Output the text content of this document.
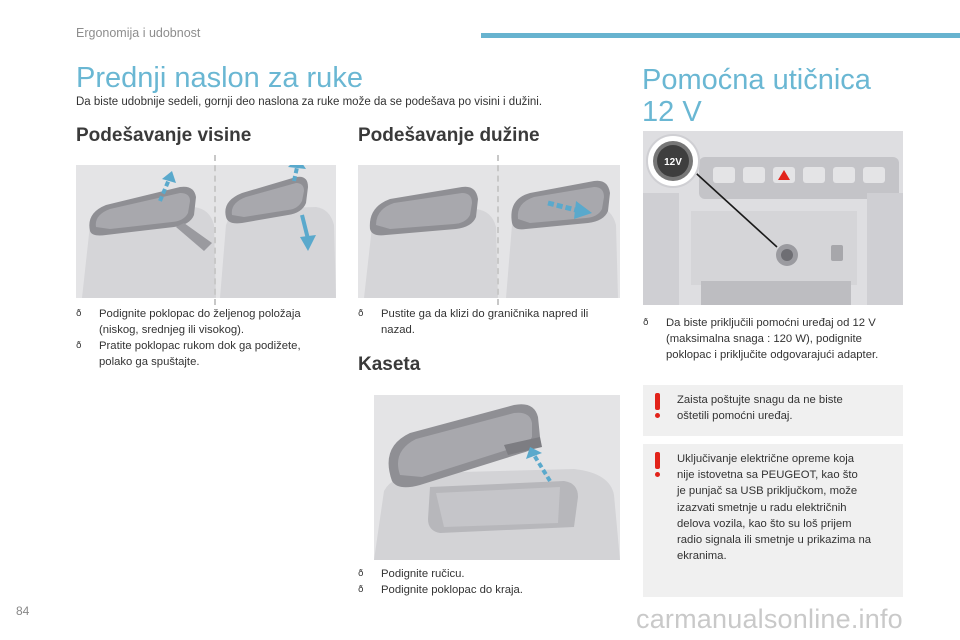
Ergonomija i udobnost
Prednji naslon za ruke
Da biste udobnije sedeli, gornji deo naslona za ruke može da se podešava po visini i dužini.
Podešavanje visine	Podešavanje dužine
ð Podignite poklopac do željenog položaja
(niskog, srednjeg ili visokog).
ð Pratite poklopac rukom dok ga podižete,
polako ga spuštajte.
ð Pustite ga da klizi do graničnika napred ili
nazad.
Kaseta
ð Podignite ručicu.
ð Podignite poklopac do kraja.
Pomoćna utičnica
12 V
12V
ð Da biste priključili pomoćni uređaj od 12 V
(maksimalna snaga : 120 W), podignite
poklopac i priključite odgovarajući adapter.
Zaista poštujte snagu da ne biste
oštetili pomoćni uređaj.
Uključivanje električne opreme koja
nije istovetna sa PEUGEOT, kao što
je punjač sa USB priključkom, može
izazvati smetnje u radu električnih
delova vozila, kao što su loš prijem
radio signala ili smetnje u prikazima na
ekranima.
84	carmanualsonline.info
